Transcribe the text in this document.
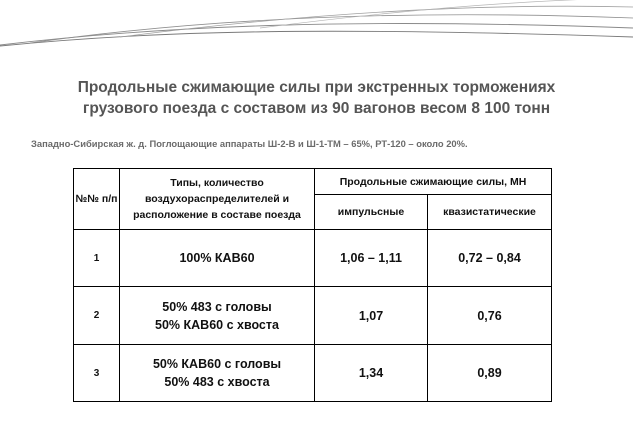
Продольные сжимающие силы при экстренных торможениях
грузового поезда с составом из 90 вагонов весом 8 100 тонн
Западно-Сибирская ж. д. Поглощающие аппараты Ш-2-В и Ш-1-ТМ – 65%, РТ-120 – около 20%.
№№ п/п	Типы, количество
воздухораспределителей и
расположение в составе поезда	Продольные сжимающие силы, МН	
		импульсные	квазистатические
1	100% КАВ60	1,06 – 1,11	0,72 – 0,84
2	50% 483 с головы
50% КАВ60 с хвоста	1,07	0,76
3	50% КАВ60 с головы
50% 483 с хвоста	1,34	0,89
